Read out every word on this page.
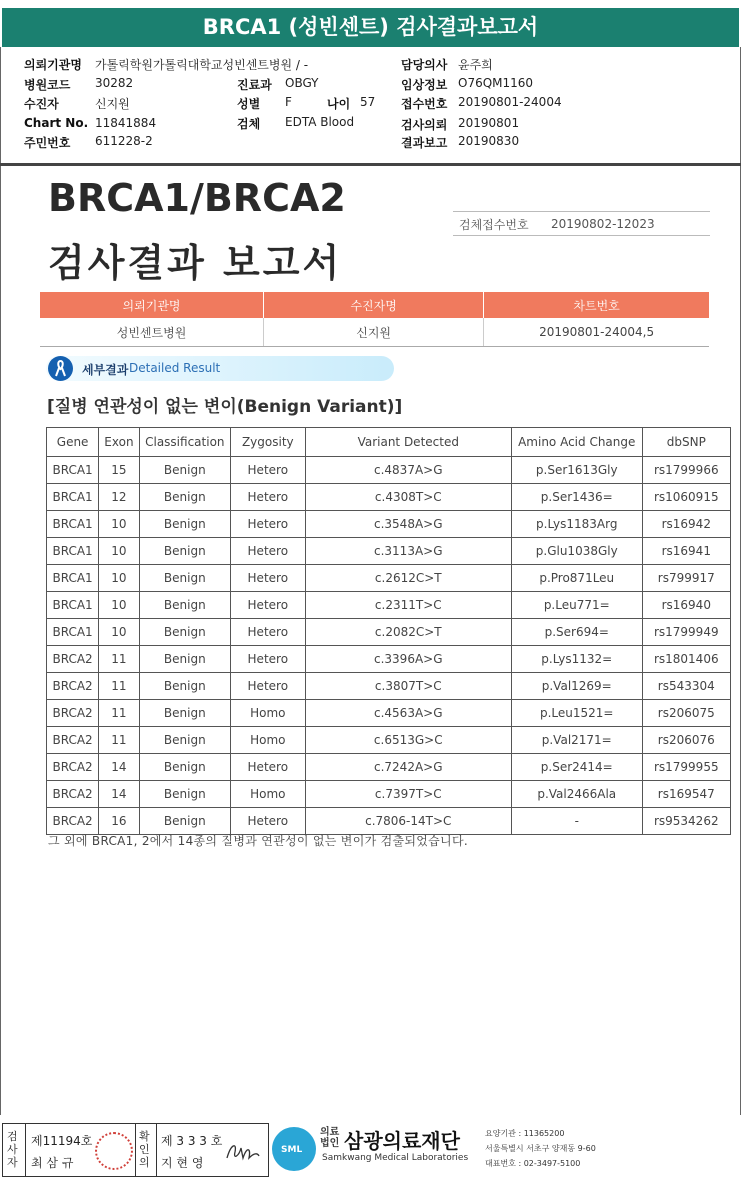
BRCA1 (성빈센트) 검사결과보고서
의뢰기관명 가톨릭학원가톨릭대학교성빈센트병원 / -
병원코드 30282	진료과 OBGY
수진자	신지원	성별 F	나이 57
Chart No. 11841884	검체 EDTA Blood
주민번호 611228-2
담당의사 윤주희
임상정보 O76QM1160
접수번호 20190801-24004
검사의뢰 20190801
결과보고 20190830
BRCA1/BRCA2
검사결과 보고서
검체접수번호 20190802-12023
의뢰기관명	수진자명	차트번호
성빈센트병원	신지원	20190801-24004,5
세부결과 Detailed Result
[질병 연관성이 없는 변이(Benign Variant)]
Gene	Exon	Classification	Zygosity	Variant Detected	Amino Acid Change	dbSNP
BRCA1	15	Benign	Hetero	c.4837A>G	p.Ser1613Gly	rs1799966
BRCA1	12	Benign	Hetero	c.4308T>C	p.Ser1436=	rs1060915
BRCA1	10	Benign	Hetero	c.3548A>G	p.Lys1183Arg	rs16942
BRCA1	10	Benign	Hetero	c.3113A>G	p.Glu1038Gly	rs16941
BRCA1	10	Benign	Hetero	c.2612C>T	p.Pro871Leu	rs799917
BRCA1	10	Benign	Hetero	c.2311T>C	p.Leu771=	rs16940
BRCA1	10	Benign	Hetero	c.2082C>T	p.Ser694=	rs1799949
BRCA2	11	Benign	Hetero	c.3396A>G	p.Lys1132=	rs1801406
BRCA2	11	Benign	Hetero	c.3807T>C	p.Val1269=	rs543304
BRCA2	11	Benign	Homo	c.4563A>G	p.Leu1521=	rs206075
BRCA2	11	Benign	Homo	c.6513G>C	p.Val2171=	rs206076
BRCA2	14	Benign	Hetero	c.7242A>G	p.Ser2414=	rs1799955
BRCA2	14	Benign	Homo	c.7397T>C	p.Val2466Ala	rs169547
BRCA2	16	Benign	Hetero	c.7806-14T>C	-	rs9534262
그 외에 BRCA1, 2에서 14종의 질병과 연관성이 없는 변이가 검출되었습니다.
검사자
제11194호
최 삼 규
확인의
제 3 3 3 호
지 현 영
SML
의료법인 삼광의료재단
Samkwang Medical Laboratories
요양기관 : 11365200
서울특별시 서초구 양재동 9-60
대표번호 : 02-3497-5100
